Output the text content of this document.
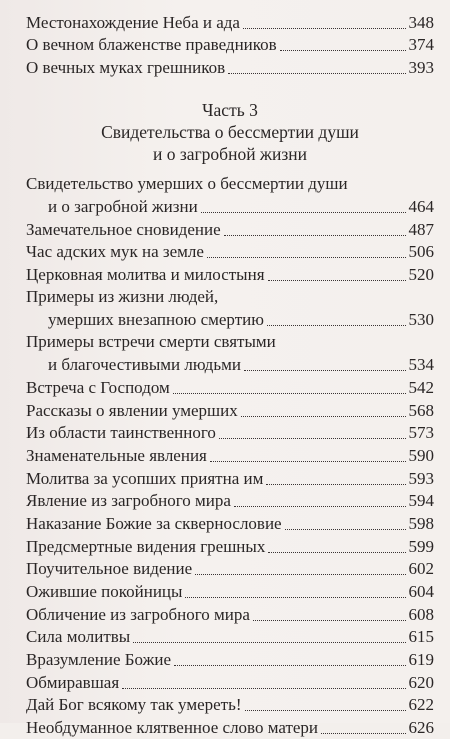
Местонахождение Неба и ада	348
О вечном блаженстве праведников	374
О вечных муках грешников	393
Часть 3
Свидетельства о бессмертии души
и о загробной жизни
Свидетельство умерших о бессмертии души
и о загробной жизни	464
Замечательное сновидение	487
Час адских мук на земле	506
Церковная молитва и милостыня	520
Примеры из жизни людей,
умерших внезапною смертию	530
Примеры встречи смерти святыми
и благочестивыми людьми	534
Встреча с Господом	542
Рассказы о явлении умерших	568
Из области таинственного	573
Знаменательные явления	590
Молитва за усопших приятна им	593
Явление из загробного мира	594
Наказание Божие за сквернословие	598
Предсмертные видения грешных	599
Поучительное видение	602
Ожившие покойницы	604
Обличение из загробного мира	608
Сила молитвы	615
Вразумление Божие	619
Обмиравшая	620
Дай Бог всякому так умереть!	622
Необдуманное клятвенное слово матери	626
